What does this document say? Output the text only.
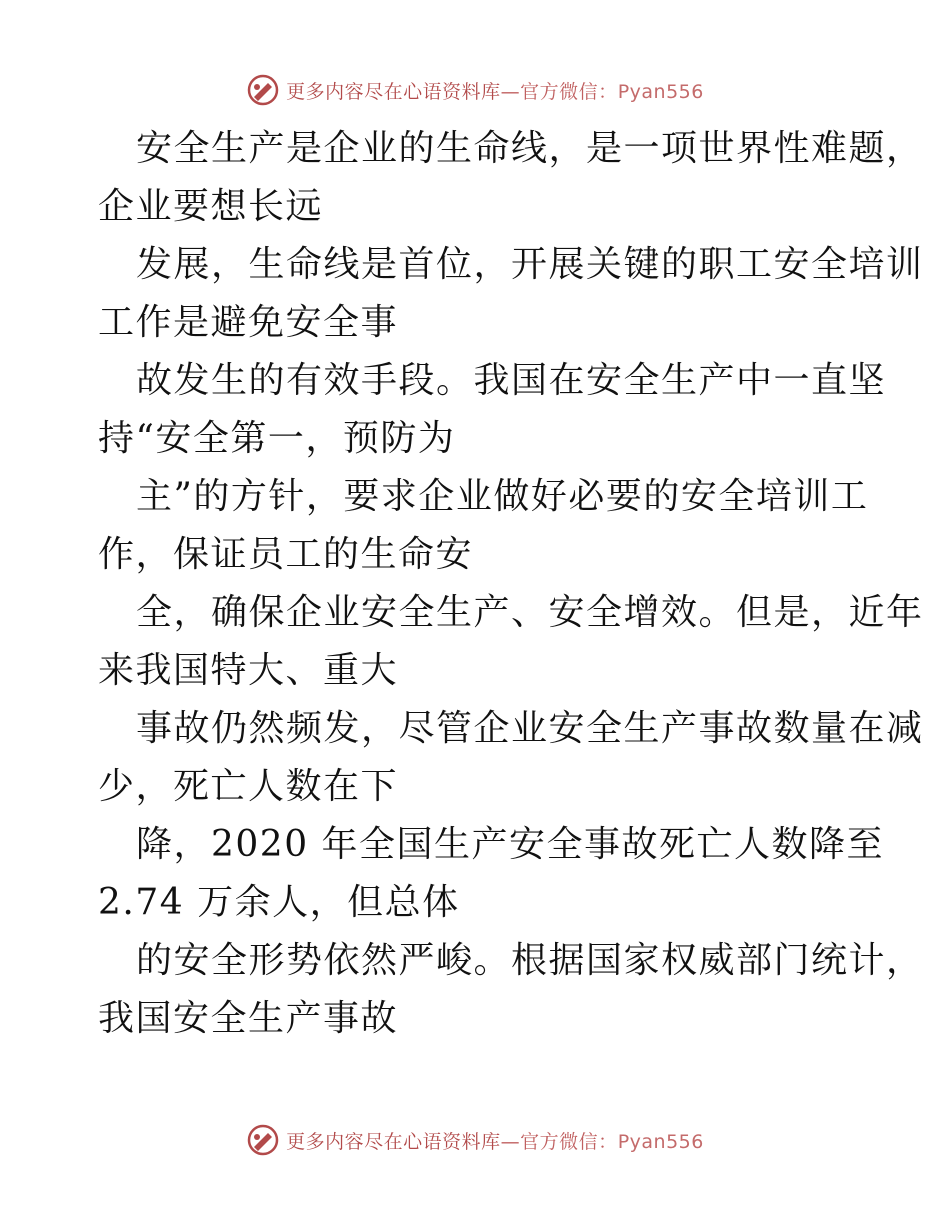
更多内容尽在心语资料库—官方微信：Pyan556
安全生产是企业的生命线，是一项世界性难题，
企业要想长远
发展，生命线是首位，开展关键的职工安全培训
工作是避免安全事
故发生的有效手段。我国在安全生产中一直坚
持“安全第一，预防为
主”的方针，要求企业做好必要的安全培训工
作，保证员工的生命安
全，确保企业安全生产、安全增效。但是，近年
来我国特大、重大
事故仍然频发，尽管企业安全生产事故数量在减
少，死亡人数在下
降，2020 年全国生产安全事故死亡人数降至
2.74 万余人，但总体
的安全形势依然严峻。根据国家权威部门统计，
我国安全生产事故
更多内容尽在心语资料库—官方微信：Pyan556
